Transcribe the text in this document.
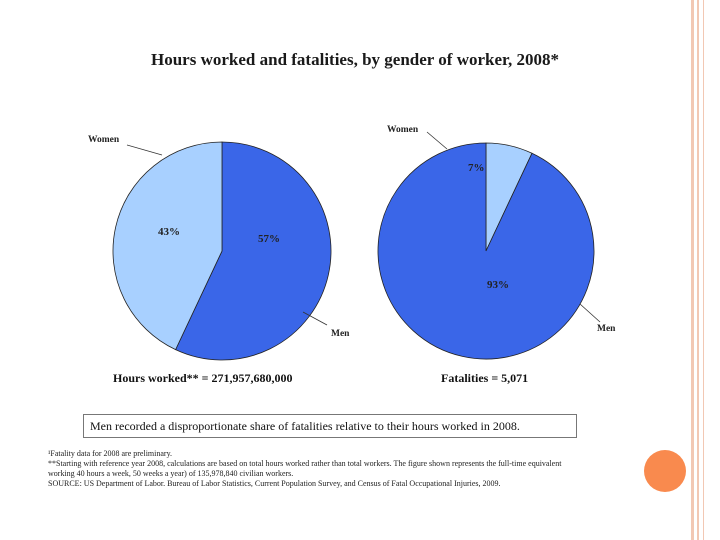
Hours worked and fatalities, by gender of worker, 2008*
43%
Women
57%
Men
7%
Women
93%
Men
Hours worked** = 271,957,680,000	Fatalities = 5,071
Men recorded a disproportionate share of fatalities relative to their hours worked in 2008.
¹Fatality data for 2008 are preliminary.
**Starting with reference year 2008, calculations are based on total hours worked rather than total workers. The figure shown represents the full-time equivalent
working 40 hours a week, 50 weeks a year) of 135,978,840 civilian workers.
SOURCE: US Department of Labor. Bureau of Labor Statistics, Current Population Survey, and Census of Fatal Occupational Injuries, 2009.
